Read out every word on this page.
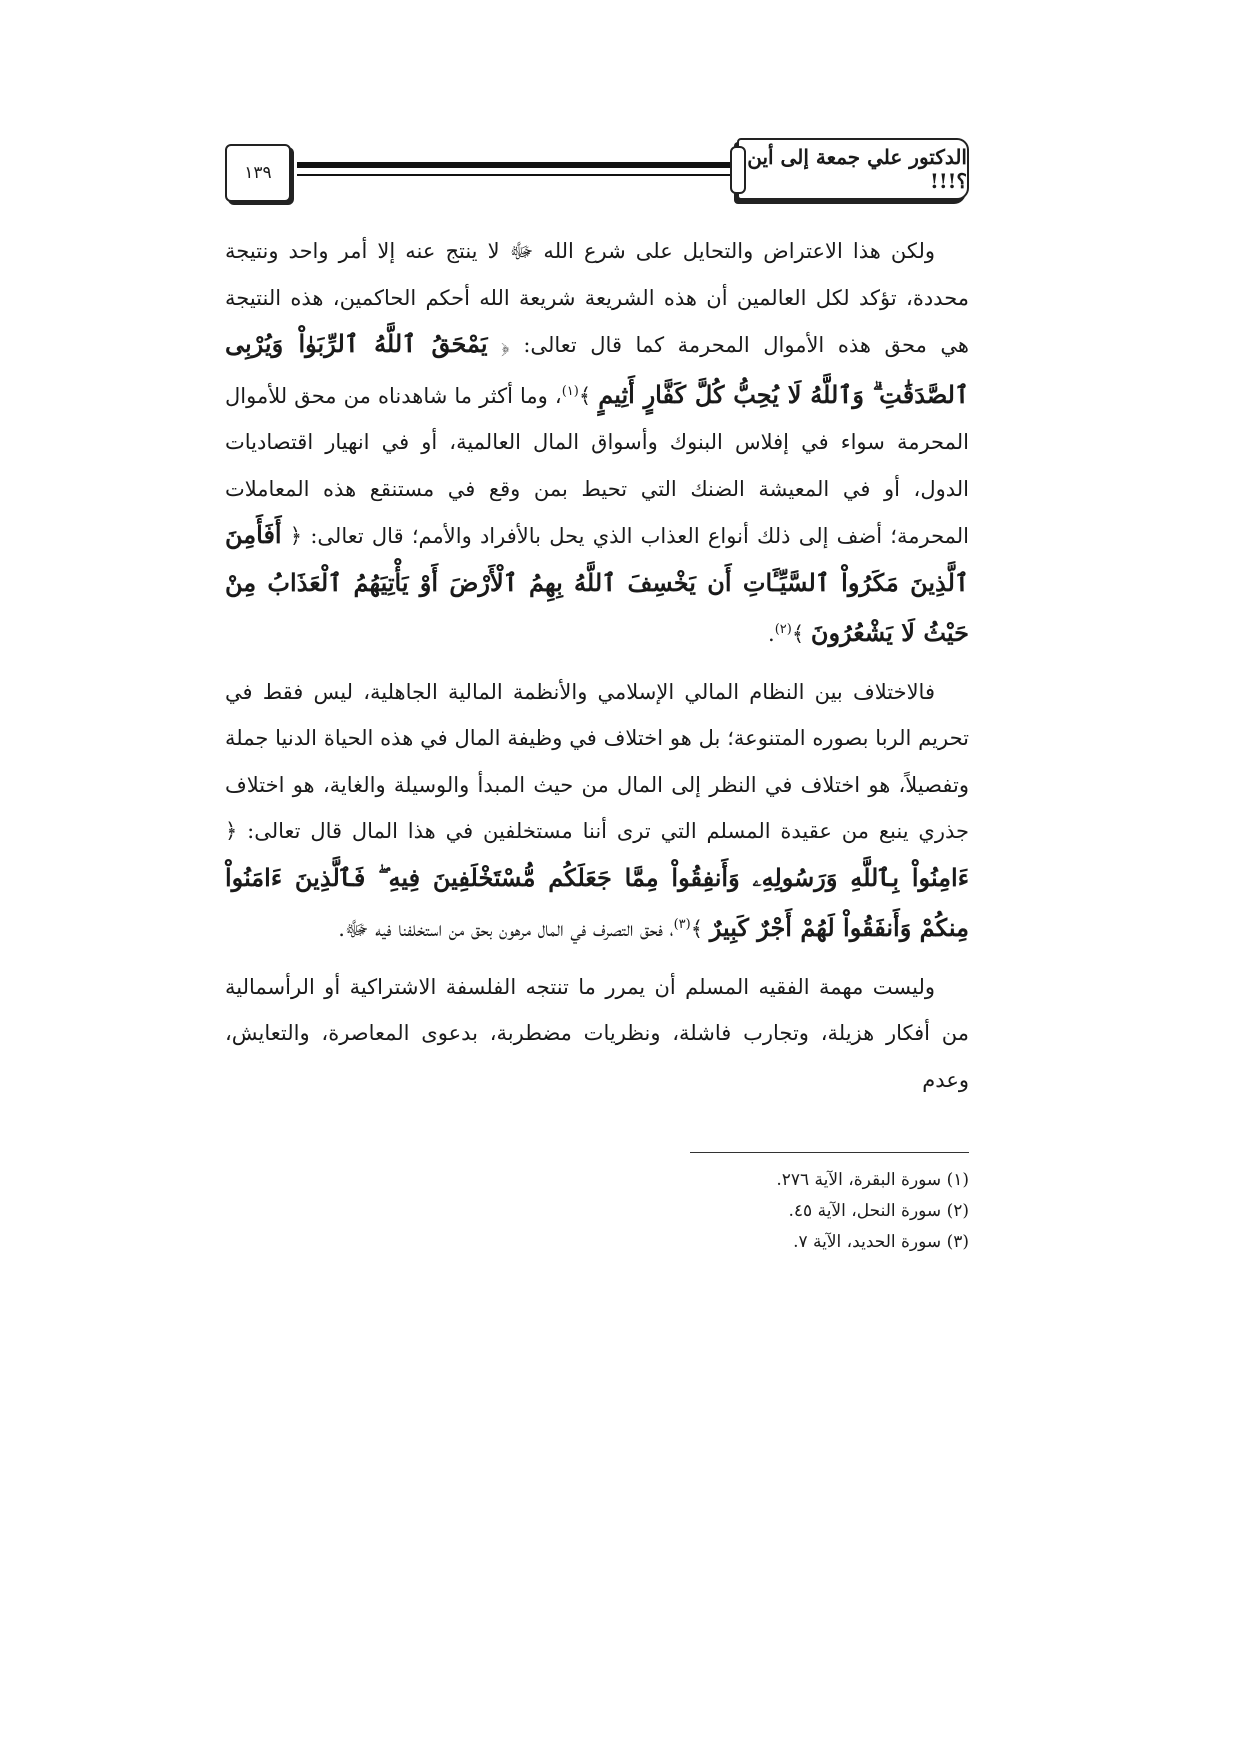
١٣٩
الدكتور علي جمعة إلى أين ؟!!!

ولكن هذا الاعتراض والتحايل على شرع الله ﷻ لا ينتج عنه إلا أمر واحد ونتيجة محددة، تؤكد لكل العالمين أن هذه الشريعة شريعة الله أحكم الحاكمين، هذه النتيجة هي محق هذه الأموال المحرمة كما قال تعالى: ﴿ يَمْحَقُ ٱللَّهُ ٱلرِّبَوٰاْ وَيُرْبِى ٱلصَّدَقَٰتِ ۗ وَٱللَّهُ لَا يُحِبُّ كُلَّ كَفَّارٍ أَثِيمٍ ﴾$^{(١)}$، وما أكثر ما شاهدناه من محق للأموال المحرمة سواء في إفلاس البنوك وأسواق المال العالمية، أو في انهيار اقتصاديات الدول، أو في المعيشة الضنك التي تحيط بمن وقع في مستنقع هذه المعاملات المحرمة؛ أضف إلى ذلك أنواع العذاب الذي يحل بالأفراد والأمم؛ قال تعالى: ﴿ أَفَأَمِنَ ٱلَّذِينَ مَكَرُواْ ٱلسَّيِّـَٔاتِ أَن يَخْسِفَ ٱللَّهُ بِهِمُ ٱلْأَرْضَ أَوْ يَأْتِيَهُمُ ٱلْعَذَابُ مِنْ حَيْثُ لَا يَشْعُرُونَ ﴾$^{(٢)}$.

فالاختلاف بين النظام المالي الإسلامي والأنظمة المالية الجاهلية، ليس فقط في تحريم الربا بصوره المتنوعة؛ بل هو اختلاف في وظيفة المال في هذه الحياة الدنيا جملة وتفصيلاً، هو اختلاف في النظر إلى المال من حيث المبدأ والوسيلة والغاية، هو اختلاف جذري ينبع من عقيدة المسلم التي ترى أننا مستخلفين في هذا المال قال تعالى: ﴿ ءَامِنُواْ بِٱللَّهِ وَرَسُولِهِۦ وَأَنفِقُواْ مِمَّا جَعَلَكُم مُّسْتَخْلَفِينَ فِيهِ ۖ فَٱلَّذِينَ ءَامَنُواْ مِنكُمْ وَأَنفَقُواْ لَهُمْ أَجْرٌ كَبِيرٌ ﴾$^{(٣)}$، فحق التصرف في المال مرهون بحق من استخلفنا فيه ﷻ.

وليست مهمة الفقيه المسلم أن يمرر ما تنتجه الفلسفة الاشتراكية أو الرأسمالية من أفكار هزيلة، وتجارب فاشلة، ونظريات مضطربة، بدعوى المعاصرة، والتعايش، وعدم

(١) سورة البقرة، الآية ٢٧٦.
(٢) سورة النحل، الآية ٤٥.
(٣) سورة الحديد، الآية ٧.
